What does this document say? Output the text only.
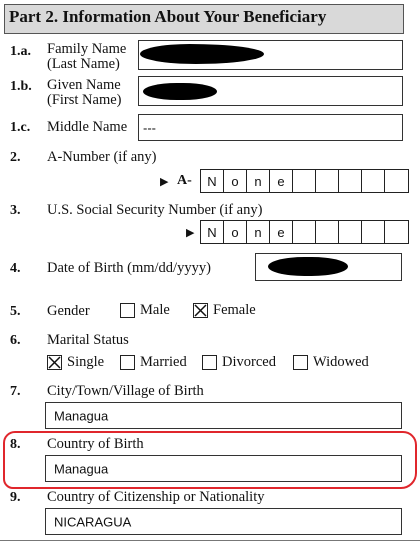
Part 2. Information About Your Beneficiary
1.a. Family Name
(Last Name)
1.b. Given Name
(First Name)
1.c. Middle Name ---
2. A-Number (if any)
▶ A-	N	o	n	e
3. U.S. Social Security Number (if any)
▶ N	o	n	e
4. Date of Birth (mm/dd/yyyy)
5. Gender	Male	Female
6. Marital Status
Single Married Divorced	Widowed
7. City/Town/Village of Birth
Managua
8. Country of Birth
Managua
9. Country of Citizenship or Nationality
NICARAGUA
